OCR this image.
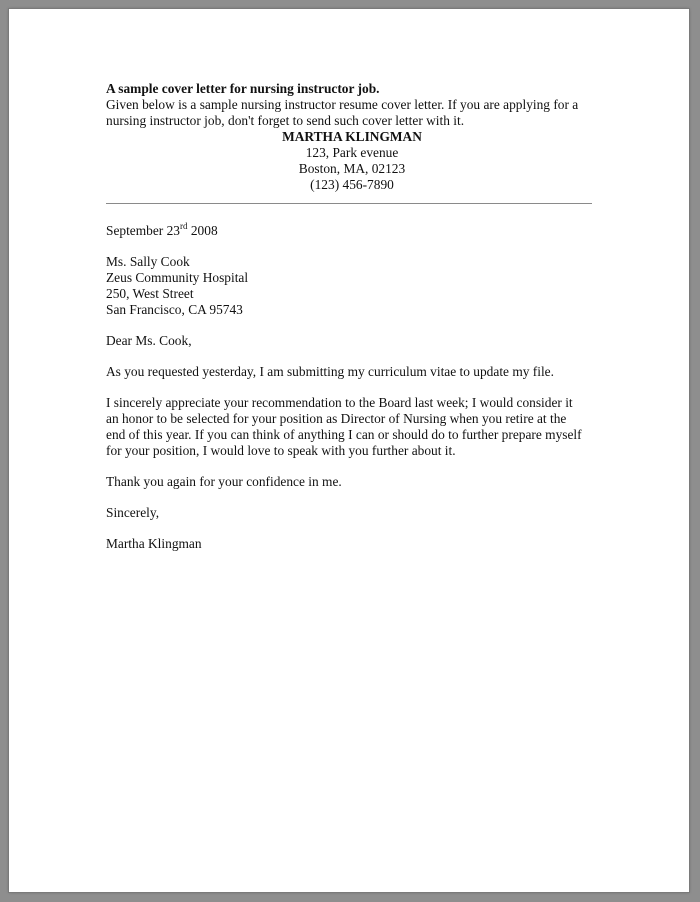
A sample cover letter for nursing instructor job.
Given below is a sample nursing instructor resume cover letter. If you are applying for a
nursing instructor job, don't forget to send such cover letter with it.
MARTHA KLINGMAN
123, Park evenue
Boston, MA, 02123
(123) 456-7890
September 23rd 2008
Ms. Sally Cook
Zeus Community Hospital
250, West Street
San Francisco, CA 95743
Dear Ms. Cook,

As you requested yesterday, I am submitting my curriculum vitae to update my file.

I sincerely appreciate your recommendation to the Board last week; I would consider it
an honor to be selected for your position as Director of Nursing when you retire at the
end of this year. If you can think of anything I can or should do to further prepare myself
for your position, I would love to speak with you further about it.

Thank you again for your confidence in me.

Sincerely,
Martha Klingman
